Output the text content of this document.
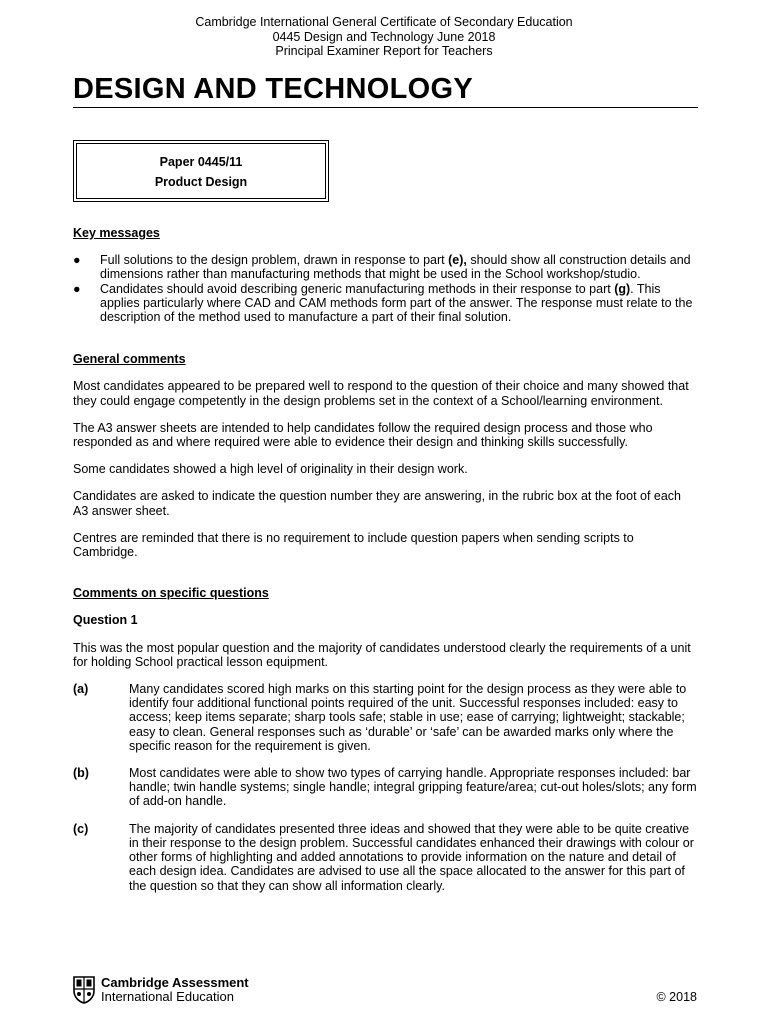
Cambridge International General Certificate of Secondary Education
0445 Design and Technology June 2018
Principal Examiner Report for Teachers
DESIGN AND TECHNOLOGY
Paper 0445/11
Product Design

Key messages

● Full solutions to the design problem, drawn in response to part (e), should show all construction details and dimensions rather than manufacturing methods that might be used in the School workshop/studio.
● Candidates should avoid describing generic manufacturing methods in their response to part (g). This applies particularly where CAD and CAM methods form part of the answer. The response must relate to the description of the method used to manufacture a part of their final solution.

General comments

Most candidates appeared to be prepared well to respond to the question of their choice and many showed that they could engage competently in the design problems set in the context of a School/learning environment.

The A3 answer sheets are intended to help candidates follow the required design process and those who responded as and where required were able to evidence their design and thinking skills successfully.

Some candidates showed a high level of originality in their design work.

Candidates are asked to indicate the question number they are answering, in the rubric box at the foot of each A3 answer sheet.

Centres are reminded that there is no requirement to include question papers when sending scripts to Cambridge.

Comments on specific questions

Question 1

This was the most popular question and the majority of candidates understood clearly the requirements of a unit for holding School practical lesson equipment.

(a)	Many candidates scored high marks on this starting point for the design process as they were able to identify four additional functional points required of the unit. Successful responses included: easy to access; keep items separate; sharp tools safe; stable in use; ease of carrying; lightweight; stackable; easy to clean. General responses such as ‘durable’ or ‘safe’ can be awarded marks only where the specific reason for the requirement is given.

(b)	Most candidates were able to show two types of carrying handle. Appropriate responses included: bar handle; twin handle systems; single handle; integral gripping feature/area; cut-out holes/slots; any form of add-on handle.

(c)	The majority of candidates presented three ideas and showed that they were able to be quite creative in their response to the design problem. Successful candidates enhanced their drawings with colour or other forms of highlighting and added annotations to provide information on the nature and detail of each design idea. Candidates are advised to use all the space allocated to the answer for this part of the question so that they can show all information clearly.

Cambridge Assessment
International Education	© 2018
